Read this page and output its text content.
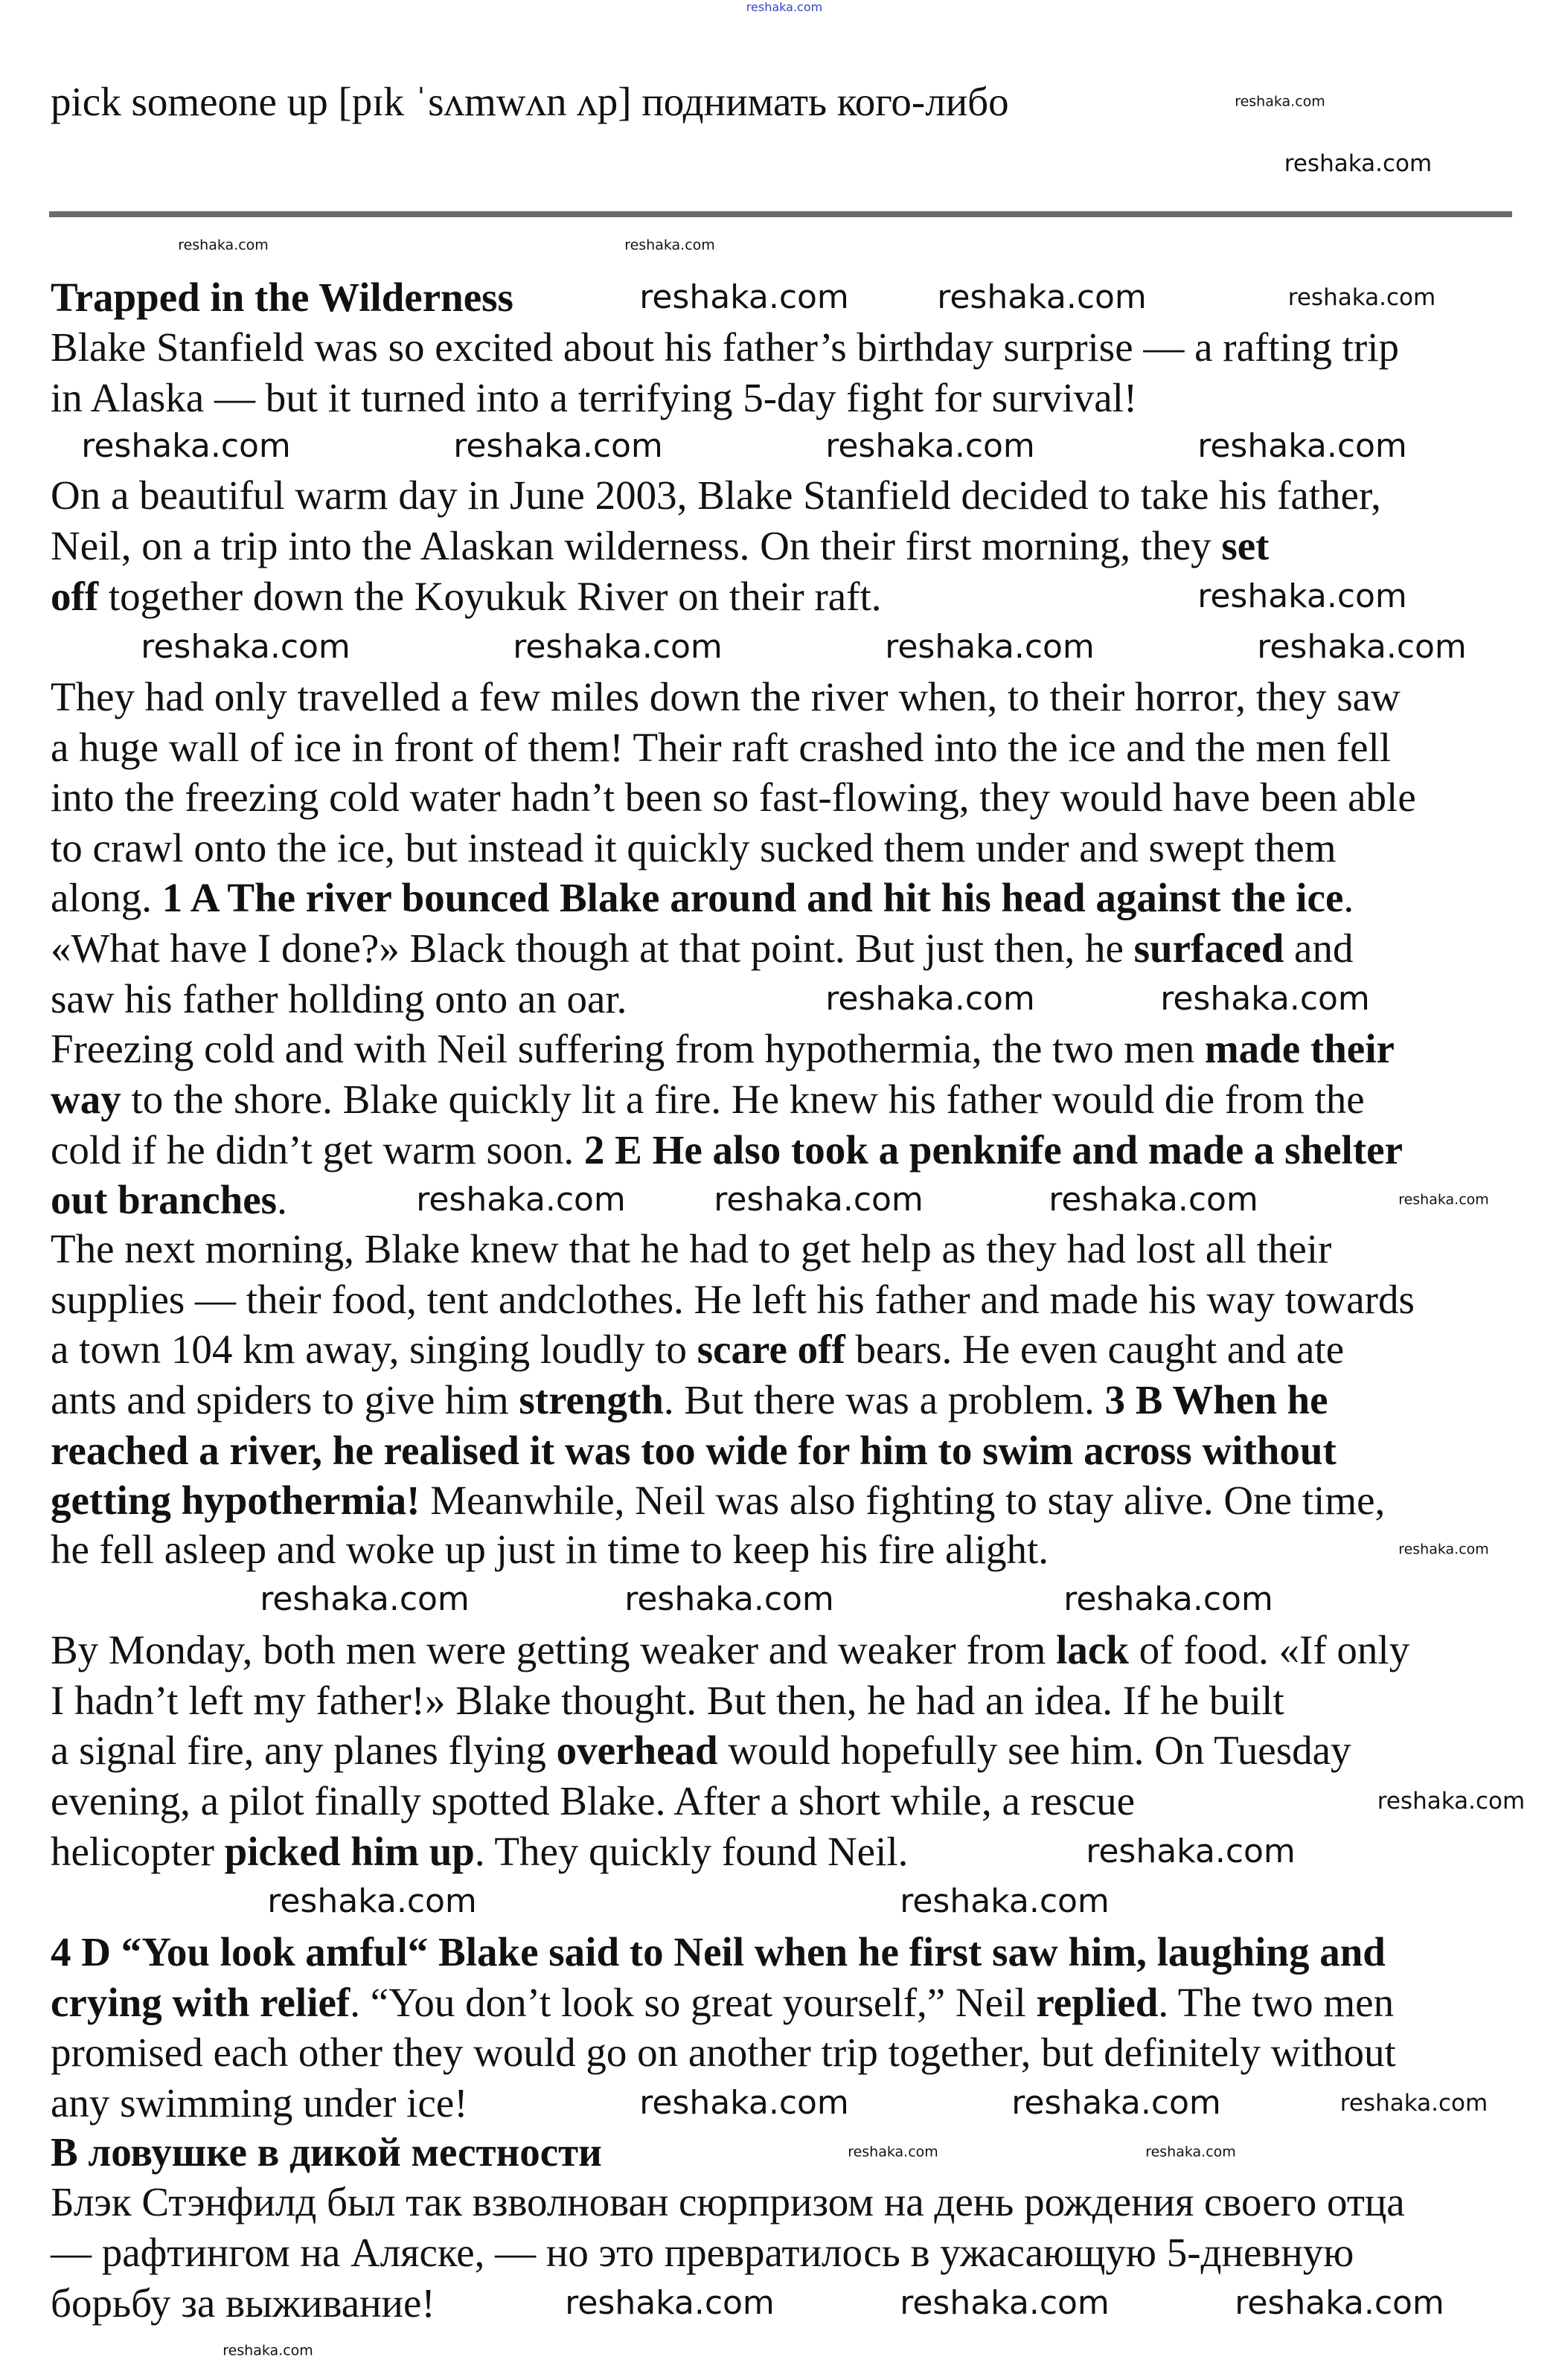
pick someone up [pɪk ˈsʌmwʌn ʌp] поднимать кого-либо
Trapped in the Wilderness
Blake Stanfield was so excited about his father’s birthday surprise — a rafting trip
in Alaska — but it turned into a terrifying 5-day fight for survival!
On a beautiful warm day in June 2003, Blake Stanfield decided to take his father,
Neil, on a trip into the Alaskan wilderness. On their first morning, they set
off together down the Koyukuk River on their raft.
They had only travelled a few miles down the river when, to their horror, they saw
a huge wall of ice in front of them! Their raft crashed into the ice and the men fell
into the freezing cold water hadn’t been so fast-flowing, they would have been able
to crawl onto the ice, but instead it quickly sucked them under and swept them
along. 1 A The river bounced Blake around and hit his head against the ice.
«What have I done?» Black though at that point. But just then, he surfaced and
saw his father hollding onto an oar.
Freezing cold and with Neil suffering from hypothermia, the two men made their
way to the shore. Blake quickly lit a fire. He knew his father would die from the
cold if he didn’t get warm soon. 2 E He also took a penknife and made a shelter
out branches.
The next morning, Blake knew that he had to get help as they had lost all their
supplies — their food, tent andclothes. He left his father and made his way towards
a town 104 km away, singing loudly to scare off bears. He even caught and ate
ants and spiders to give him strength. But there was a problem. 3 B When he
reached a river, he realised it was too wide for him to swim across without
getting hypothermia! Meanwhile, Neil was also fighting to stay alive. One time,
he fell asleep and woke up just in time to keep his fire alight.
By Monday, both men were getting weaker and weaker from lack of food. «If only
I hadn’t left my father!» Blake thought. But then, he had an idea. If he built
a signal fire, any planes flying overhead would hopefully see him. On Tuesday
evening, a pilot finally spotted Blake. After a short while, a rescue
helicopter picked him up. They quickly found Neil.
4 D “You look amful“ Blake said to Neil when he first saw him, laughing and
crying with relief. “You don’t look so great yourself,” Neil replied. The two men
promised each other they would go on another trip together, but definitely without
any swimming under ice!
В ловушке в дикой местности
Блэк Стэнфилд был так взволнован сюрпризом на день рождения своего отца
— рафтингом на Аляске, — но это превратилось в ужасающую 5-дневную
борьбу за выживание!
reshaka.com
reshaka.com
reshaka.com
reshaka.com	reshaka.com
reshaka.com	reshaka.com	reshaka.com
reshaka.com	reshaka.com	reshaka.com	reshaka.com
reshaka.com
reshaka.com	reshaka.com	reshaka.com	reshaka.com
reshaka.com	reshaka.com
reshaka.com	reshaka.com	reshaka.com	reshaka.com
reshaka.com
reshaka.com	reshaka.com	reshaka.com
reshaka.com
reshaka.com
reshaka.com	reshaka.com
reshaka.com	reshaka.com	reshaka.com
reshaka.com	reshaka.com
reshaka.com	reshaka.com	reshaka.com
reshaka.com
